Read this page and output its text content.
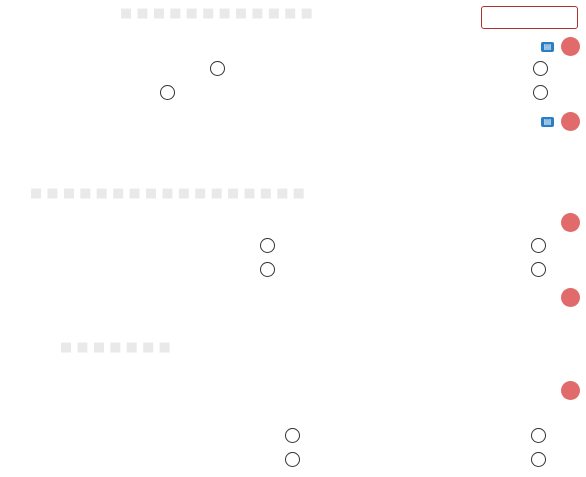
■ ■ ■ ■ ■ ■ ■ ■ ■ ■ ■ ■
■ ■ ■ ■ ■ ■ ■ ■ ■ ■ ■ ■ ■ ■ ■ ■ ■
■ ■ ■ ■ ■ ■ ■
▤
▤
